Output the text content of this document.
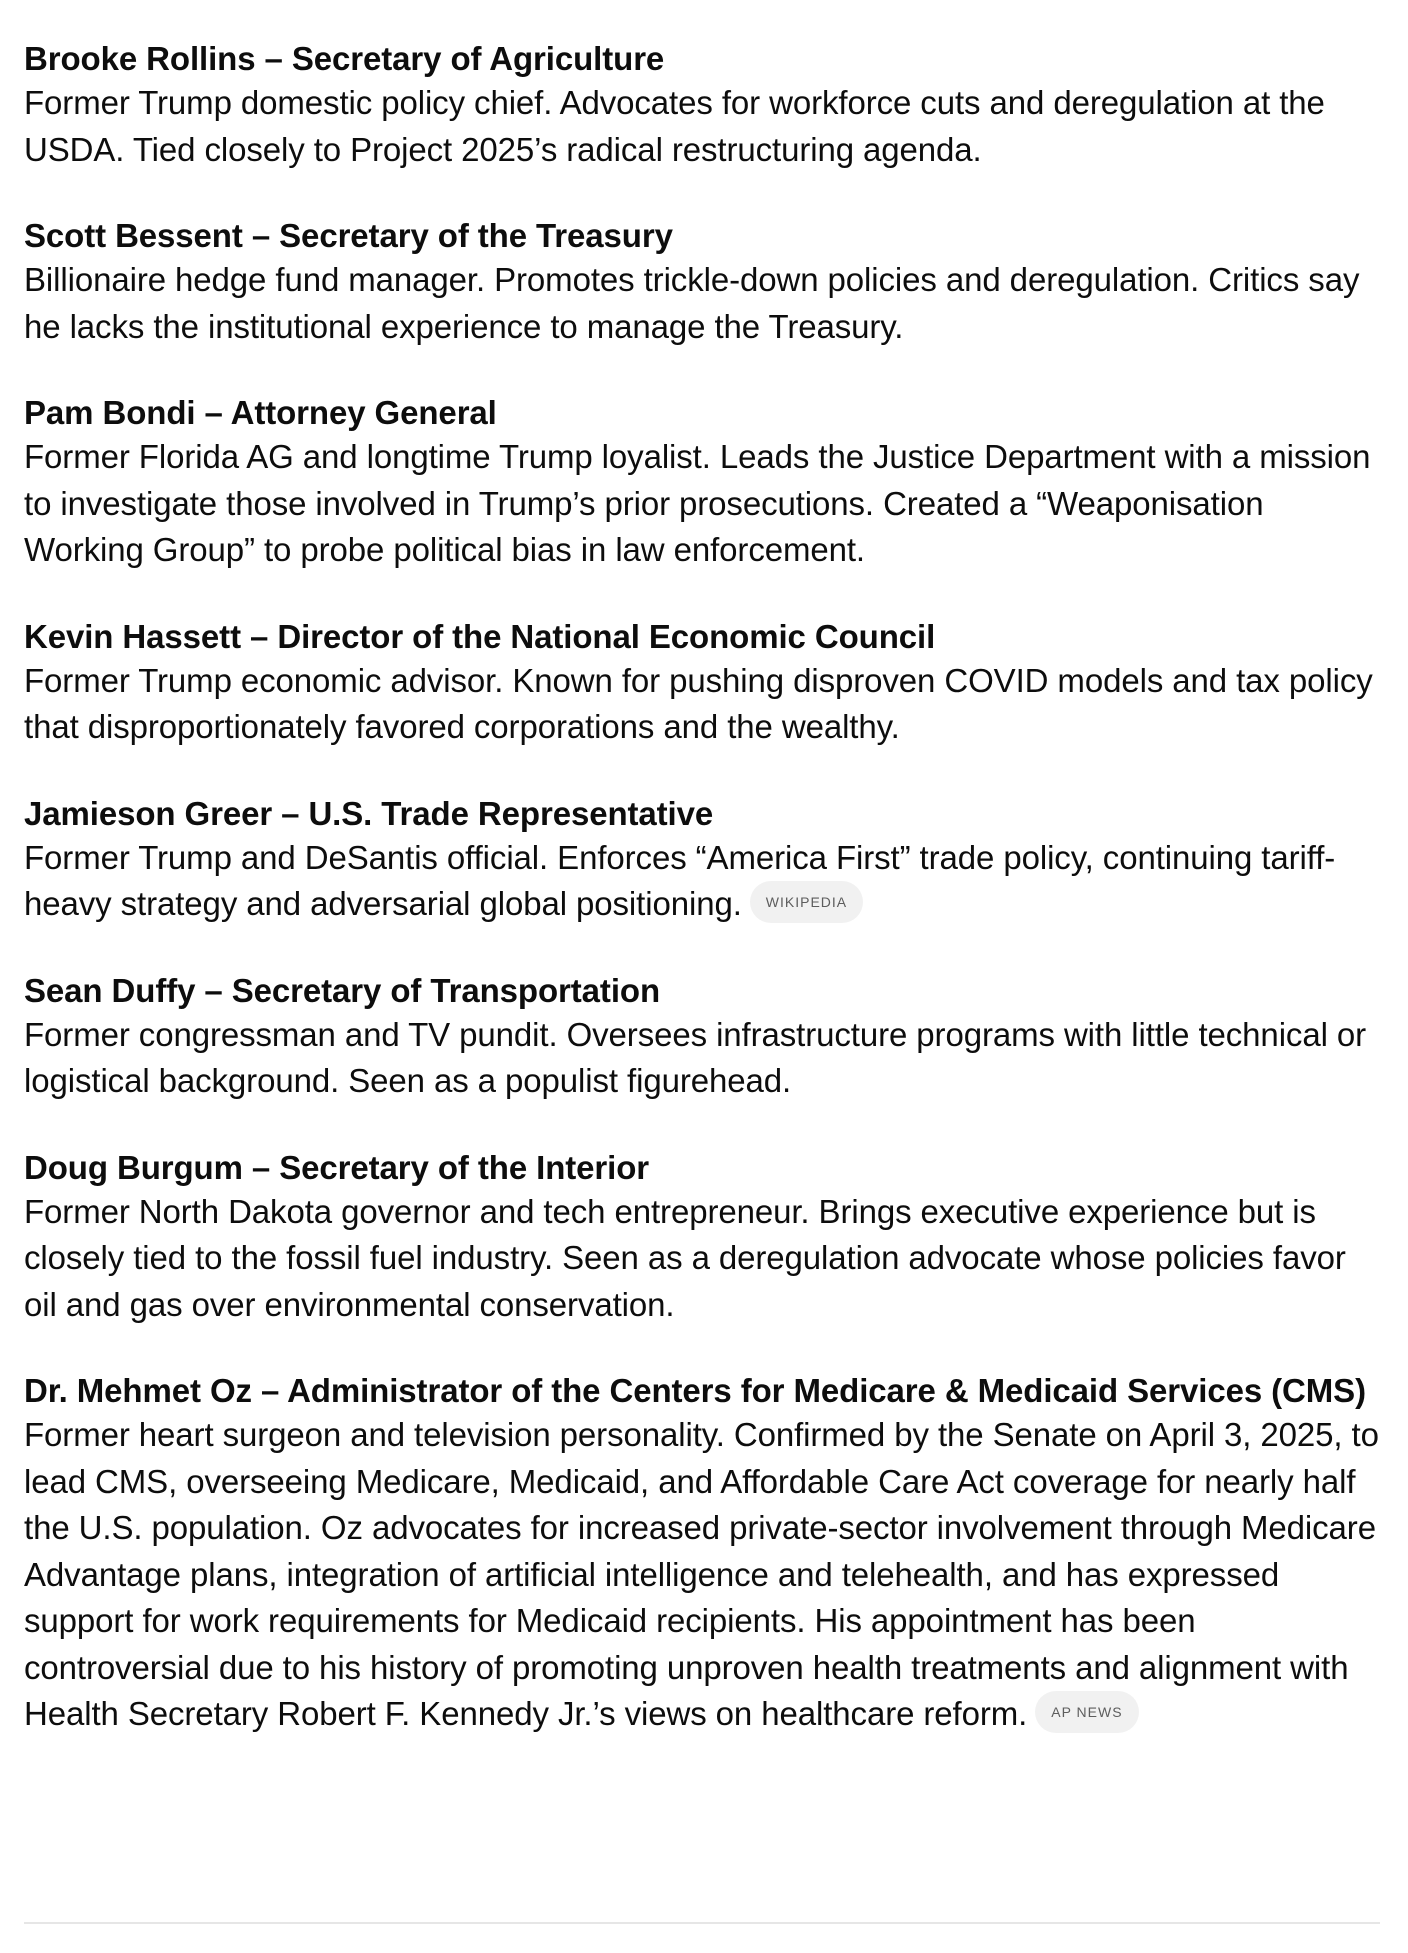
Brooke Rollins – Secretary of Agriculture

Former Trump domestic policy chief. Advocates for workforce cuts and deregulation at the USDA. Tied closely to Project 2025’s radical restructuring agenda.

Scott Bessent – Secretary of the Treasury

Billionaire hedge fund manager. Promotes trickle-down policies and deregulation. Critics say he lacks the institutional experience to manage the Treasury.

Pam Bondi – Attorney General

Former Florida AG and longtime Trump loyalist. Leads the Justice Department with a mission to investigate those involved in Trump’s prior prosecutions. Created a “Weaponisation Working Group” to probe political bias in law enforcement.

Kevin Hassett – Director of the National Economic Council

Former Trump economic advisor. Known for pushing disproven COVID models and tax policy that disproportionately favored corporations and the wealthy.

Jamieson Greer – U.S. Trade Representative

Former Trump and DeSantis official. Enforces “America First” trade policy, continuing tariff-heavy strategy and adversarial global positioning. WIKIPEDIA

Sean Duffy – Secretary of Transportation

Former congressman and TV pundit. Oversees infrastructure programs with little technical or logistical background. Seen as a populist figurehead.

Doug Burgum – Secretary of the Interior

Former North Dakota governor and tech entrepreneur. Brings executive experience but is closely tied to the fossil fuel industry. Seen as a deregulation advocate whose policies favor oil and gas over environmental conservation.

Dr. Mehmet Oz – Administrator of the Centers for Medicare & Medicaid Services (CMS)

Former heart surgeon and television personality. Confirmed by the Senate on April 3, 2025, to lead CMS, overseeing Medicare, Medicaid, and Affordable Care Act coverage for nearly half the U.S. population. Oz advocates for increased private-sector involvement through Medicare Advantage plans, integration of artificial intelligence and telehealth, and has expressed support for work requirements for Medicaid recipients. His appointment has been controversial due to his history of promoting unproven health treatments and alignment with Health Secretary Robert F. Kennedy Jr.’s views on healthcare reform. AP NEWS
